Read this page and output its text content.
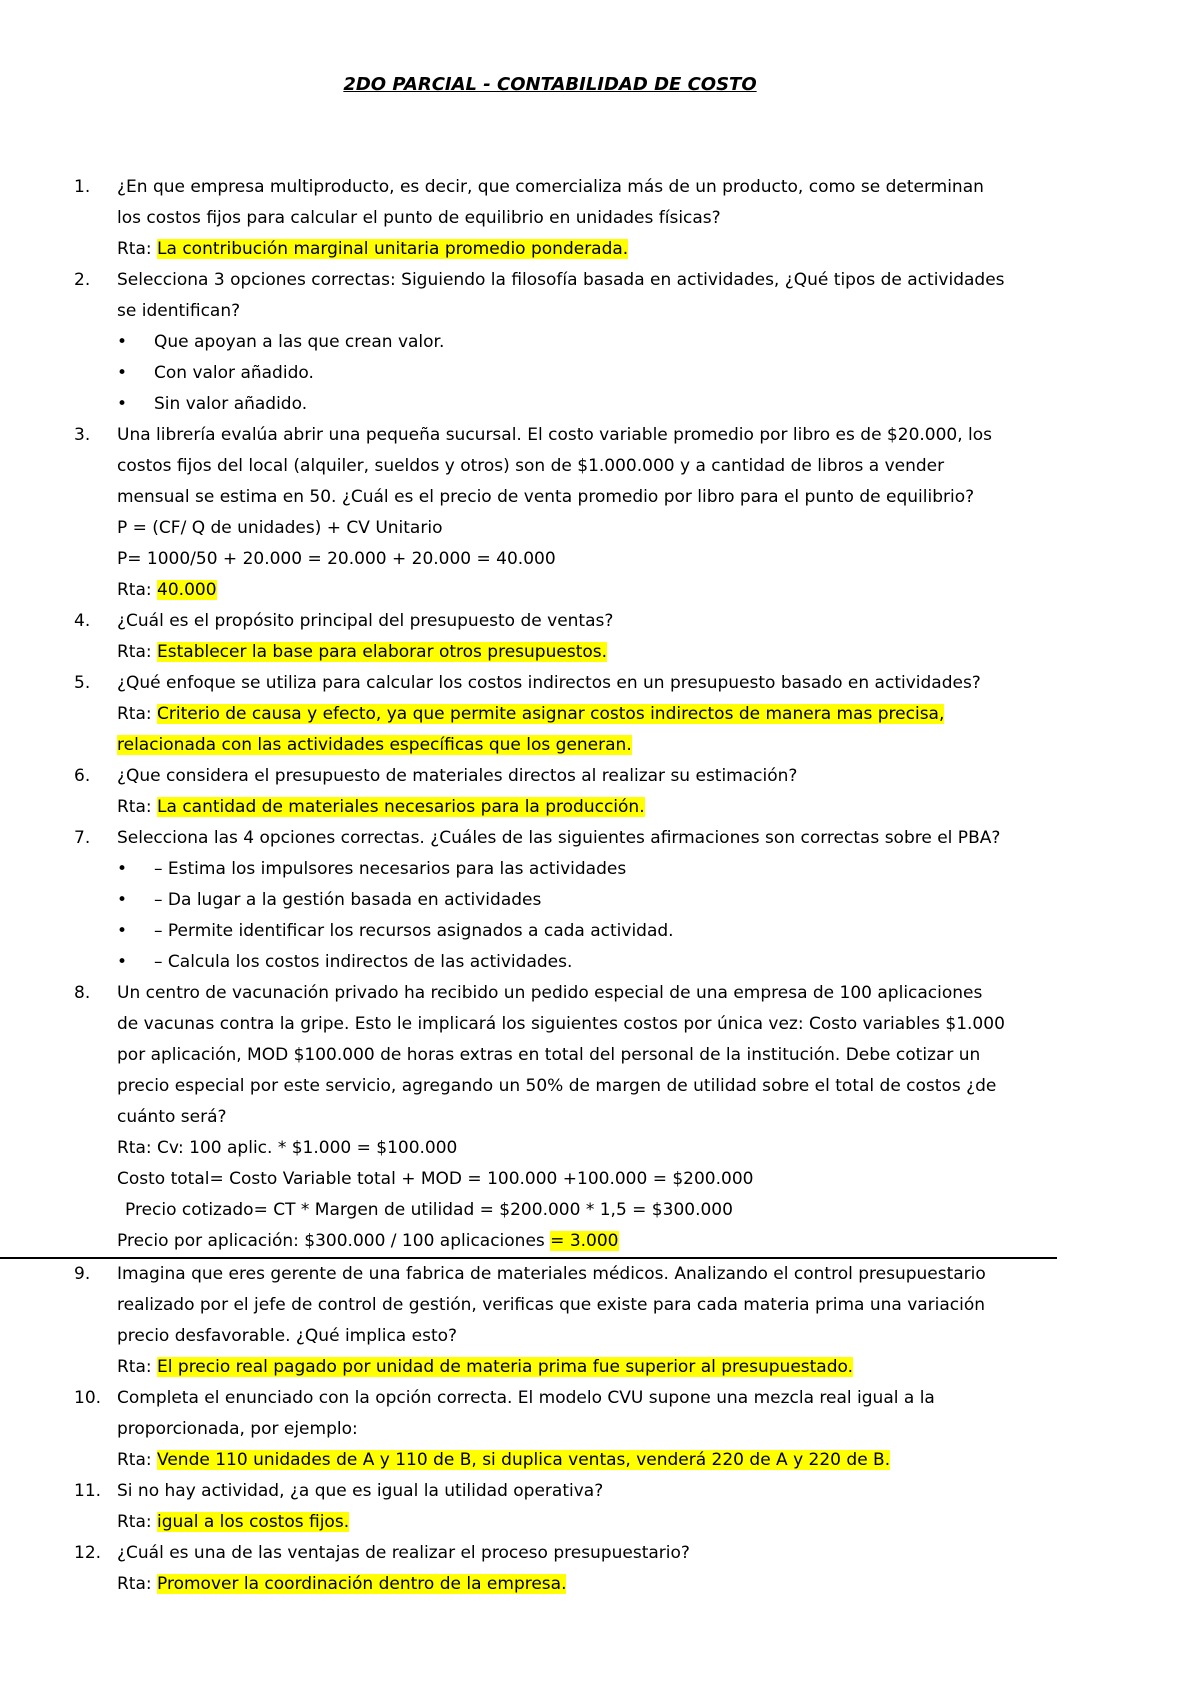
2DO PARCIAL - CONTABILIDAD DE COSTO
1. ¿En que empresa multiproducto, es decir, que comercializa más de un producto, como se determinan
los costos fijos para calcular el punto de equilibrio en unidades físicas?
Rta: La contribución marginal unitaria promedio ponderada.
2. Selecciona 3 opciones correctas: Siguiendo la filosofía basada en actividades, ¿Qué tipos de actividades
se identifican?
• Que apoyan a las que crean valor.
• Con valor añadido.
• Sin valor añadido.
3. Una librería evalúa abrir una pequeña sucursal. El costo variable promedio por libro es de $20.000, los
costos fijos del local (alquiler, sueldos y otros) son de $1.000.000 y a cantidad de libros a vender
mensual se estima en 50. ¿Cuál es el precio de venta promedio por libro para el punto de equilibrio?
P = (CF/ Q de unidades) + CV Unitario
P= 1000/50 + 20.000 = 20.000 + 20.000 = 40.000
Rta: 40.000
4. ¿Cuál es el propósito principal del presupuesto de ventas?
Rta: Establecer la base para elaborar otros presupuestos.
5. ¿Qué enfoque se utiliza para calcular los costos indirectos en un presupuesto basado en actividades?
Rta: Criterio de causa y efecto, ya que permite asignar costos indirectos de manera mas precisa,
relacionada con las actividades específicas que los generan.
6. ¿Que considera el presupuesto de materiales directos al realizar su estimación?
Rta: La cantidad de materiales necesarios para la producción.
7. Selecciona las 4 opciones correctas. ¿Cuáles de las siguientes afirmaciones son correctas sobre el PBA?
• – Estima los impulsores necesarios para las actividades
• – Da lugar a la gestión basada en actividades
• – Permite identificar los recursos asignados a cada actividad.
• – Calcula los costos indirectos de las actividades.
8. Un centro de vacunación privado ha recibido un pedido especial de una empresa de 100 aplicaciones
de vacunas contra la gripe. Esto le implicará los siguientes costos por única vez: Costo variables $1.000
por aplicación, MOD $100.000 de horas extras en total del personal de la institución. Debe cotizar un
precio especial por este servicio, agregando un 50% de margen de utilidad sobre el total de costos ¿de
cuánto será?
Rta: Cv: 100 aplic. * $1.000 = $100.000
Costo total= Costo Variable total + MOD = 100.000 +100.000 = $200.000
Precio cotizado= CT * Margen de utilidad = $200.000 * 1,5 = $300.000
Precio por aplicación: $300.000 / 100 aplicaciones = 3.000
9. Imagina que eres gerente de una fabrica de materiales médicos. Analizando el control presupuestario
realizado por el jefe de control de gestión, verificas que existe para cada materia prima una variación
precio desfavorable. ¿Qué implica esto?
Rta: El precio real pagado por unidad de materia prima fue superior al presupuestado.
10. Completa el enunciado con la opción correcta. El modelo CVU supone una mezcla real igual a la
proporcionada, por ejemplo:
Rta: Vende 110 unidades de A y 110 de B, si duplica ventas, venderá 220 de A y 220 de B.
11. Si no hay actividad, ¿a que es igual la utilidad operativa?
Rta: igual a los costos fijos.
12. ¿Cuál es una de las ventajas de realizar el proceso presupuestario?
Rta: Promover la coordinación dentro de la empresa.
